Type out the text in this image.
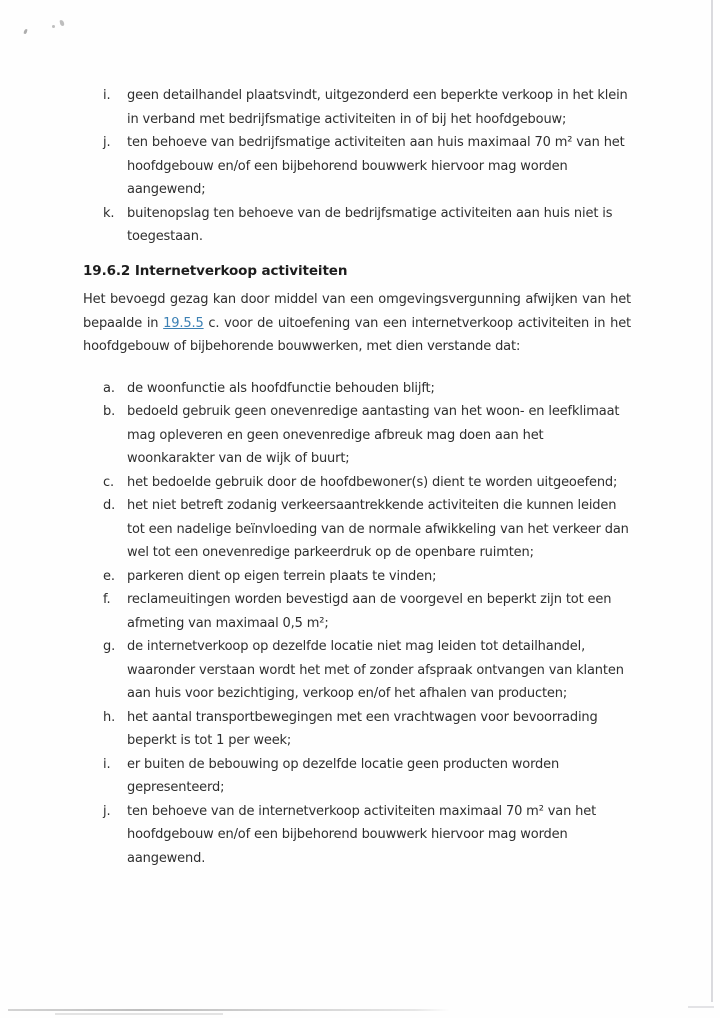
i. geen detailhandel plaatsvindt, uitgezonderd een beperkte verkoop in het klein in verband met bedrijfsmatige activiteiten in of bij het hoofdgebouw;
j. ten behoeve van bedrijfsmatige activiteiten aan huis maximaal 70 m² van het hoofdgebouw en/of een bijbehorend bouwwerk hiervoor mag worden aangewend;
k. buitenopslag ten behoeve van de bedrijfsmatige activiteiten aan huis niet is toegestaan.
19.6.2 Internetverkoop activiteiten

Het bevoegd gezag kan door middel van een omgevingsvergunning afwijken van het bepaalde in 19.5.5 c. voor de uitoefening van een internetverkoop activiteiten in het hoofdgebouw of bijbehorende bouwwerken, met dien verstande dat:

a. de woonfunctie als hoofdfunctie behouden blijft;
b. bedoeld gebruik geen onevenredige aantasting van het woon- en leefklimaat mag opleveren en geen onevenredige afbreuk mag doen aan het woonkarakter van de wijk of buurt;
c. het bedoelde gebruik door de hoofdbewoner(s) dient te worden uitgeoefend;
d. het niet betreft zodanig verkeersaantrekkende activiteiten die kunnen leiden tot een nadelige beïnvloeding van de normale afwikkeling van het verkeer dan wel tot een onevenredige parkeerdruk op de openbare ruimten;
e. parkeren dient op eigen terrein plaats te vinden;
f. reclameuitingen worden bevestigd aan de voorgevel en beperkt zijn tot een afmeting van maximaal 0,5 m²;
g. de internetverkoop op dezelfde locatie niet mag leiden tot detailhandel, waaronder verstaan wordt het met of zonder afspraak ontvangen van klanten aan huis voor bezichtiging, verkoop en/of het afhalen van producten;
h. het aantal transportbewegingen met een vrachtwagen voor bevoorrading beperkt is tot 1 per week;
i. er buiten de bebouwing op dezelfde locatie geen producten worden gepresenteerd;
j. ten behoeve van de internetverkoop activiteiten maximaal 70 m² van het hoofdgebouw en/of een bijbehorend bouwwerk hiervoor mag worden aangewend.
